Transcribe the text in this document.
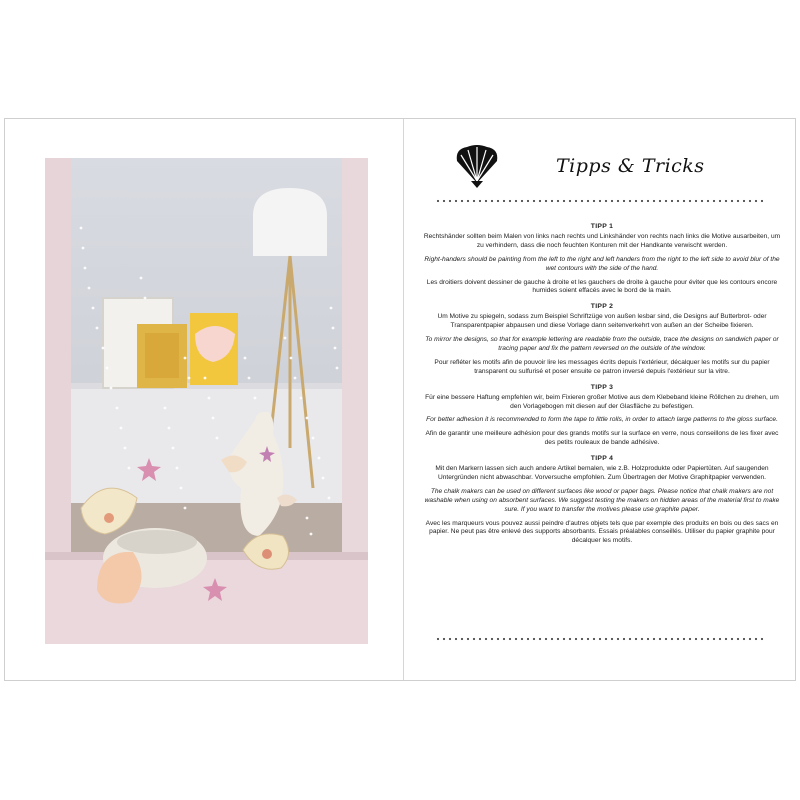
Tipps & Tricks
TIPP 1

Rechtshänder sollten beim Malen von links nach rechts und Linkshänder von rechts nach links die Motive ausarbeiten, um zu verhindern, dass die noch feuchten Konturen mit der Handkante verwischt werden.

Right-handers should be painting from the left to the right and left handers from the right to the left side to avoid blur of the wet contours with the side of the hand.

Les droitiers doivent dessiner de gauche à droite et les gauchers de droite à gauche pour éviter que les contours encore humides soient effacés avec le bord de la main.

TIPP 2

Um Motive zu spiegeln, sodass zum Beispiel Schriftzüge von außen lesbar sind, die Designs auf Butterbrot- oder Transparentpapier abpausen und diese Vorlage dann seitenverkehrt von außen an der Scheibe fixieren.

To mirror the designs, so that for example lettering are readable from the outside, trace the designs on sandwich paper or tracing paper and fix the pattern reversed on the outside of the window.

Pour refléter les motifs afin de pouvoir lire les messages écrits depuis l'extérieur, décalquer les motifs sur du papier transparent ou sulfurisé et poser ensuite ce patron inversé depuis l'extérieur sur la vitre.

TIPP 3

Für eine bessere Haftung empfehlen wir, beim Fixieren großer Motive aus dem Klebeband kleine Röllchen zu drehen, um den Vorlagebogen mit diesen auf der Glasfläche zu befestigen.

For better adhesion it is recommended to form the tape to little rolls, in order to attach large patterns to the gloss surface.

Afin de garantir une meilleure adhésion pour des grands motifs sur la surface en verre, nous conseillons de les fixer avec des petits rouleaux de bande adhésive.

TIPP 4

Mit den Markern lassen sich auch andere Artikel bemalen, wie z.B. Holzprodukte oder Papiertüten. Auf saugenden Untergründen nicht abwaschbar. Vorversuche empfohlen. Zum Übertragen der Motive Graphitpapier verwenden.

The chalk makers can be used on different surfaces like wood or paper bags. Please notice that chalk makers are not washable when using on absorbent surfaces. We suggest testing the makers on hidden areas of the material first to make sure. If you want to transfer the motives please use graphite paper.

Avec les marqueurs vous pouvez aussi peindre d'autres objets tels que par exemple des produits en bois ou des sacs en papier. Ne peut pas être enlevé des supports absorbants. Essais préalables conseillés. Utiliser du papier graphite pour décalquer les motifs.
